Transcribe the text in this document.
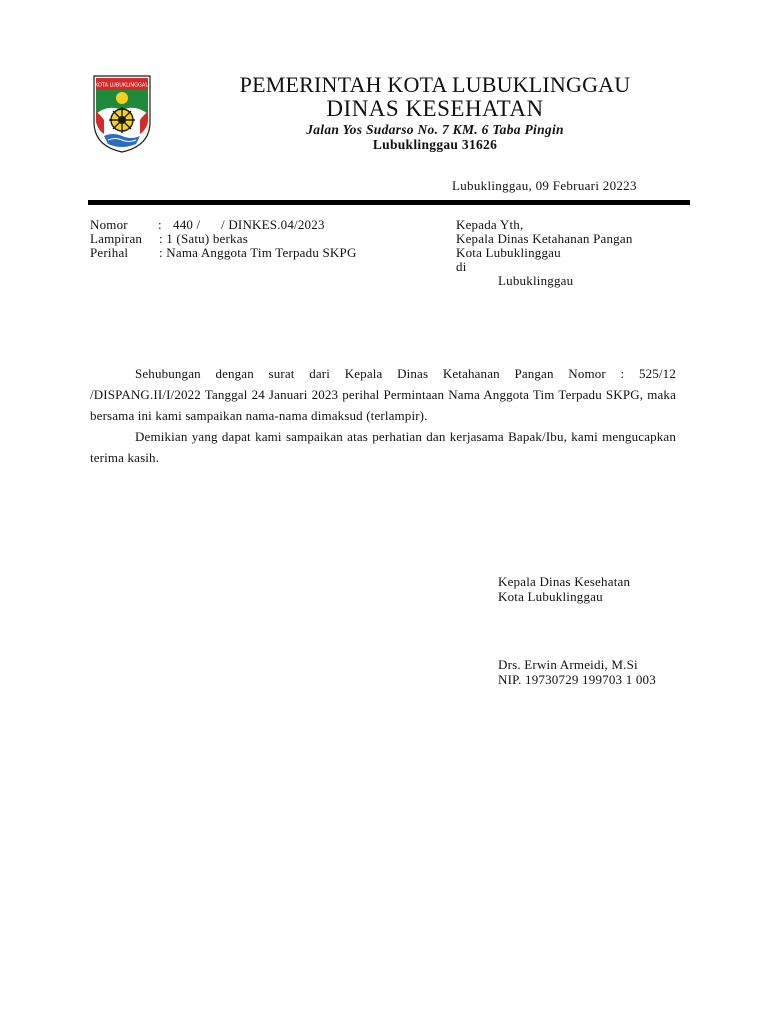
KOTA LUBUKLINGGAU	PEMERINTAH KOTA LUBUKLINGGAU
DINAS KESEHATAN
Jalan Yos Sudarso No. 7 KM. 6 Taba Pingin
Lubuklinggau 31626
Lubuklinggau, 09 Februari 20223
Nomor : 440 /      / DINKES.04/2023
Lampiran : 1 (Satu) berkas
Perihal : Nama Anggota Tim Terpadu SKPG
Kepada Yth,
Kepala Dinas Ketahanan Pangan
Kota Lubuklinggau
di
Lubuklinggau

Sehubungan dengan surat dari Kepala Dinas Ketahanan Pangan Nomor : 525/12 /DISPANG.II/I/2022 Tanggal 24 Januari 2023 perihal Permintaan Nama Anggota Tim Terpadu SKPG, maka bersama ini kami sampaikan nama-nama dimaksud (terlampir).

Demikian yang dapat kami sampaikan atas perhatian dan kerjasama Bapak/Ibu, kami mengucapkan terima kasih.

Kepala Dinas Kesehatan
Kota Lubuklinggau
Drs. Erwin Armeidi, M.Si
NIP. 19730729 199703 1 003
